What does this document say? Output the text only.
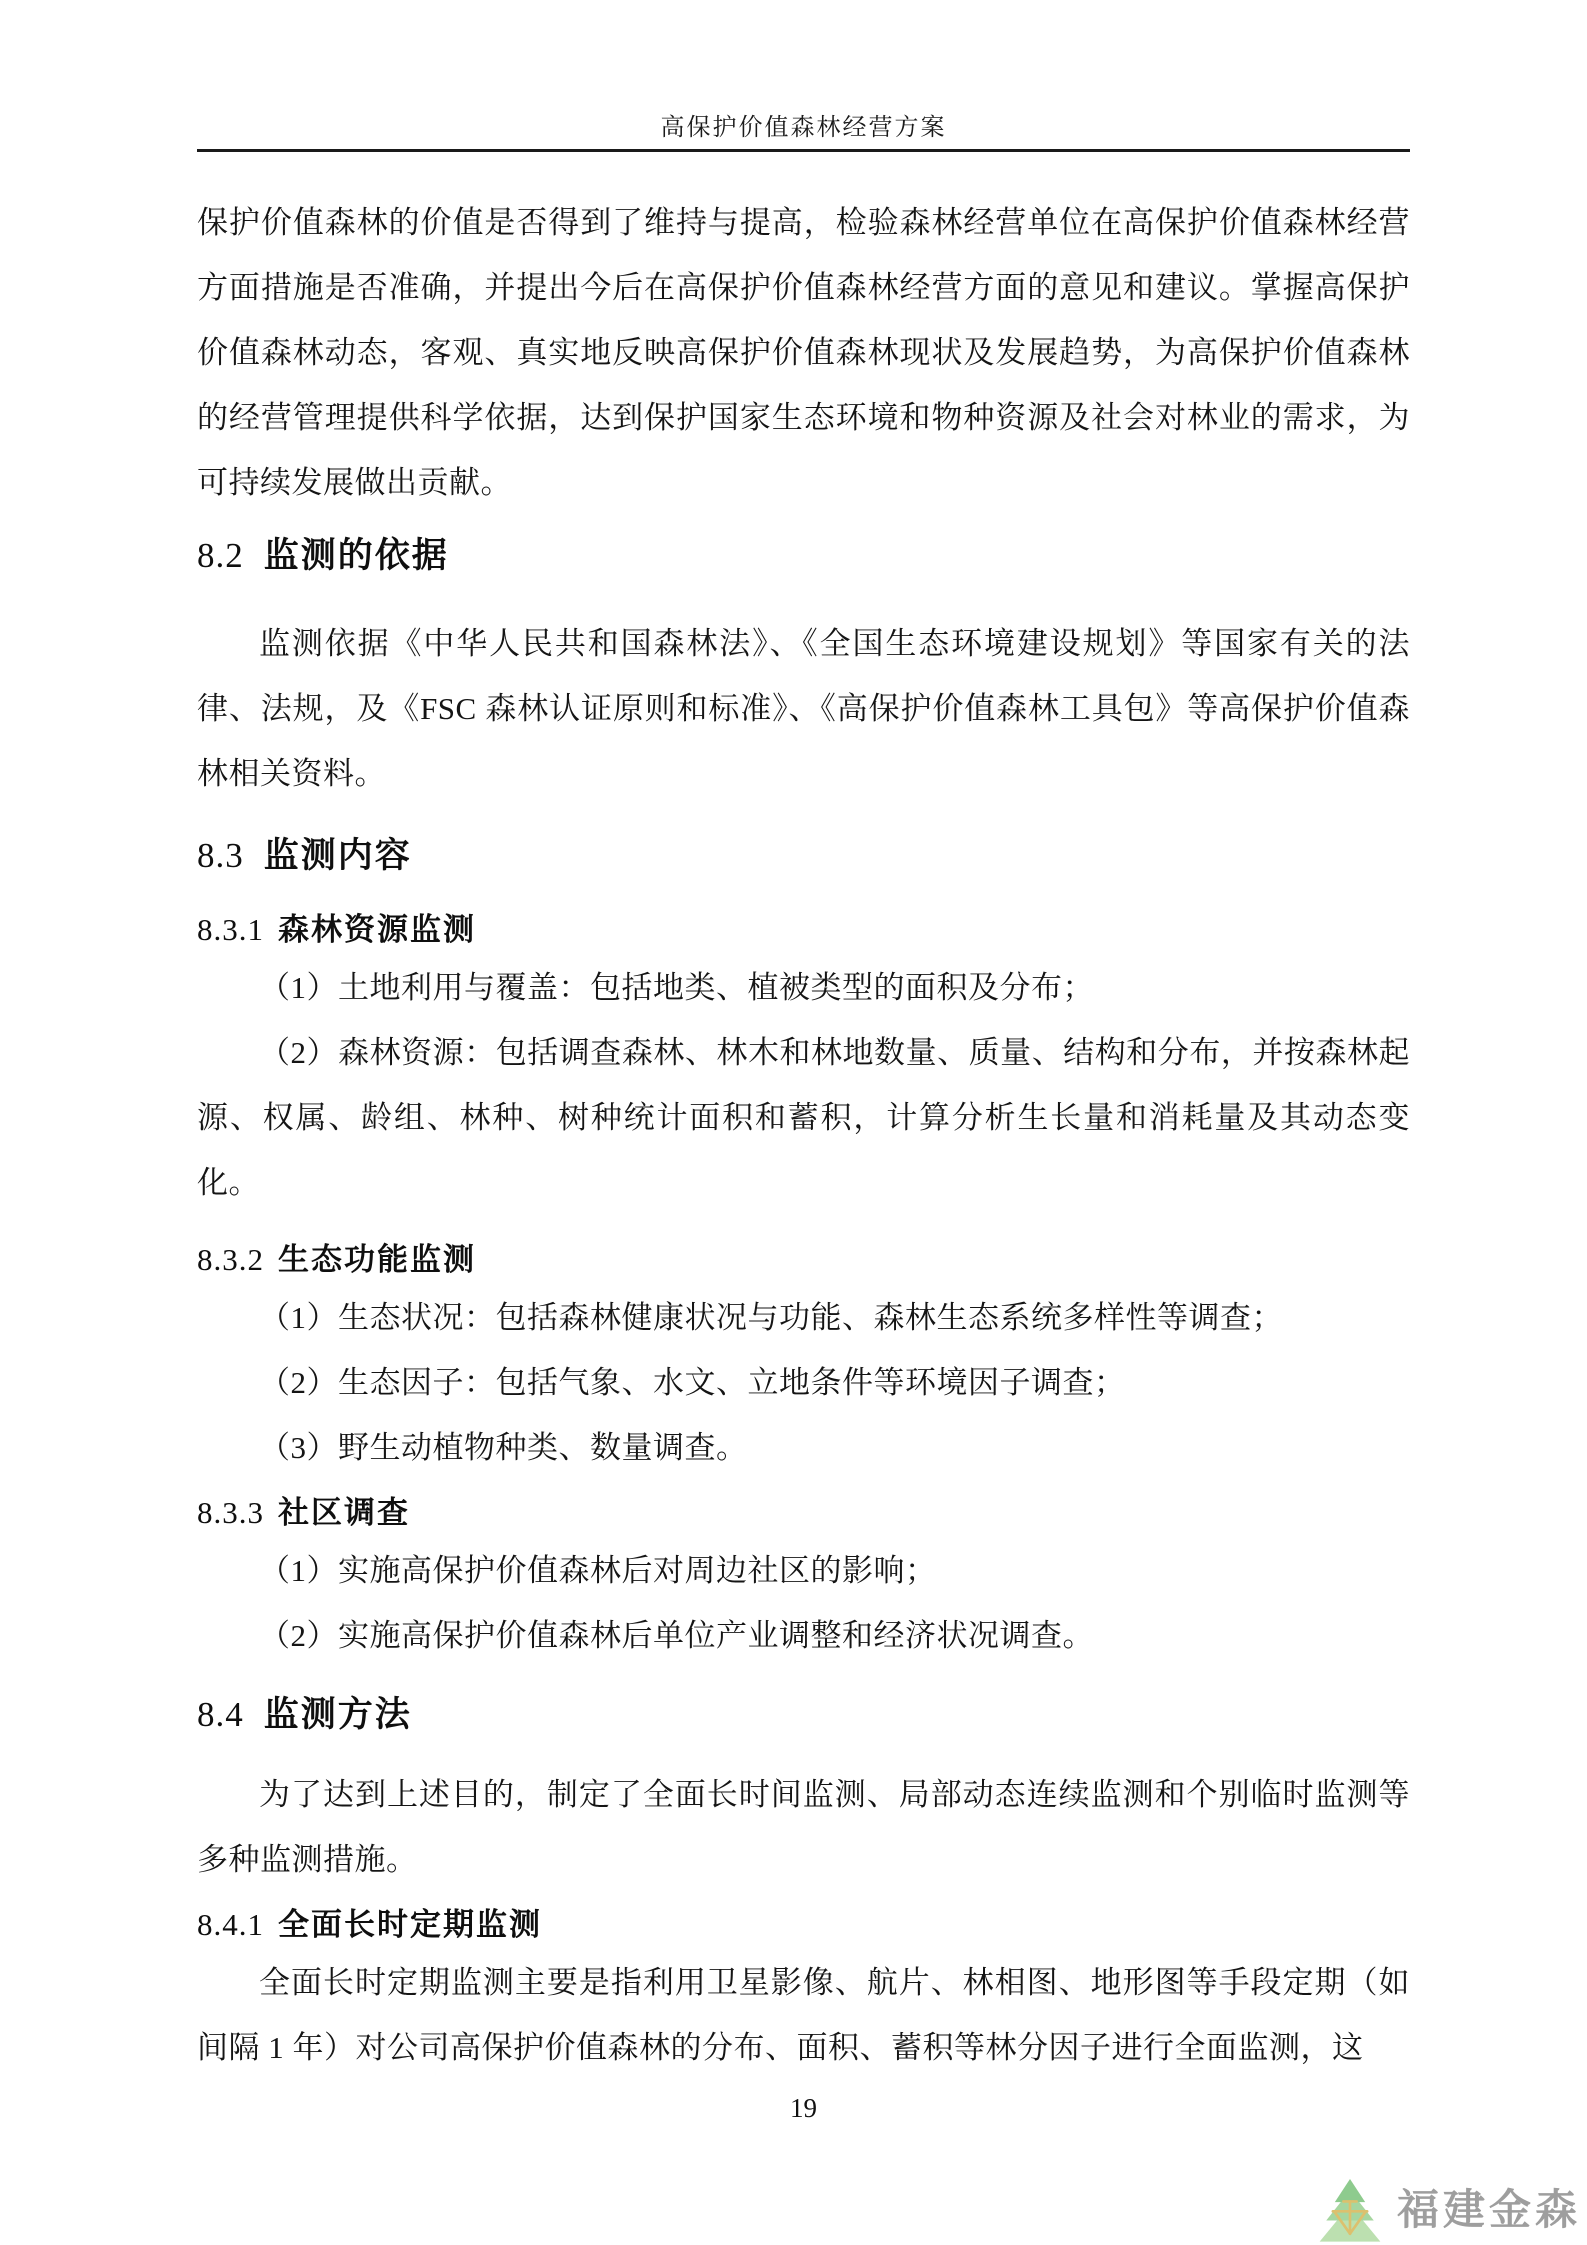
高保护价值森林经营方案

保护价值森林的价值是否得到了维持与提高，检验森林经营单位在高保护价值森林经营方面措施是否准确，并提出今后在高保护价值森林经营方面的意见和建议。掌握高保护价值森林动态，客观、真实地反映高保护价值森林现状及发展趋势，为高保护价值森林的经营管理提供科学依据，达到保护国家生态环境和物种资源及社会对林业的需求，为可持续发展做出贡献。

8.2 监测的依据

监测依据《中华人民共和国森林法》、《全国生态环境建设规划》等国家有关的法律、法规，及《FSC 森林认证原则和标准》、《高保护价值森林工具包》等高保护价值森林相关资料。

8.3 监测内容
8.3.1 森林资源监测

（1）土地利用与覆盖：包括地类、植被类型的面积及分布；

（2）森林资源：包括调查森林、林木和林地数量、质量、结构和分布，并按森林起源、权属、龄组、林种、树种统计面积和蓄积，计算分析生长量和消耗量及其动态变化。

8.3.2 生态功能监测

（1）生态状况：包括森林健康状况与功能、森林生态系统多样性等调查；

（2）生态因子：包括气象、水文、立地条件等环境因子调查；

（3）野生动植物种类、数量调查。

8.3.3 社区调查

（1）实施高保护价值森林后对周边社区的影响；

（2）实施高保护价值森林后单位产业调整和经济状况调查。

8.4 监测方法

为了达到上述目的，制定了全面长时间监测、局部动态连续监测和个别临时监测等多种监测措施。

8.4.1 全面长时定期监测

全面长时定期监测主要是指利用卫星影像、航片、林相图、地形图等手段定期（如间隔 1 年）对公司高保护价值森林的分布、面积、蓄积等林分因子进行全面监测，这

19
福建金森
